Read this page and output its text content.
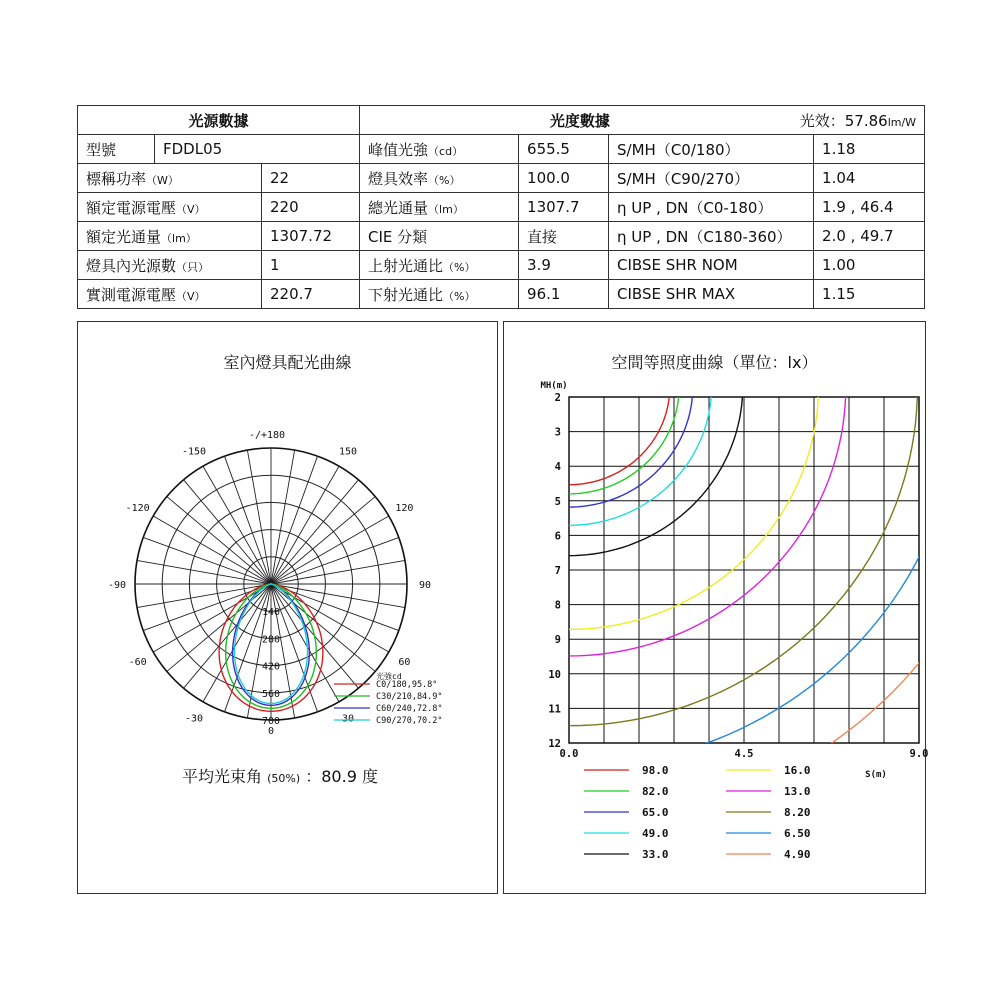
光源數據			光效：57.86lm/W
光度數據			
型號	FDDL05		峰值光強（cd）	655.5	S/MH（C0/180）	1.18
標稱功率（W）		22	燈具效率（%）	100.0	S/MH（C90/270）	1.04
額定電源電壓（V）		220	總光通量（lm）	1307.7	η UP , DN（C0-180）	1.9 , 46.4
額定光通量（lm）		1307.72	CIE 分類	直接	η UP , DN（C180-360）	2.0 , 49.7
燈具內光源數（只）		1	上射光通比（%）	3.9	CIBSE SHR NOM	1.00
實測電源電壓（V）		220.7	下射光通比（%）	96.1	CIBSE SHR MAX	1.15
室內燈具配光曲線
-/+180
-150	150
-120	120
-90	90
-60	60
-30	30
0
0
140
280
420
560
700
光強cd
C0/180,95.8°
C30/210,84.9°
C60/240,72.8°
C90/270,70.2°
平均光束角 (50%) ：80.9 度
空間等照度曲線（單位：lx）
MH(m)
2
3
4
5
6
7
8
9
10
11
12
0.0	4.5	9.0
S(m)
98.0
82.0
65.0
49.0
33.0
16.0
13.0
8.20
6.50
4.90
